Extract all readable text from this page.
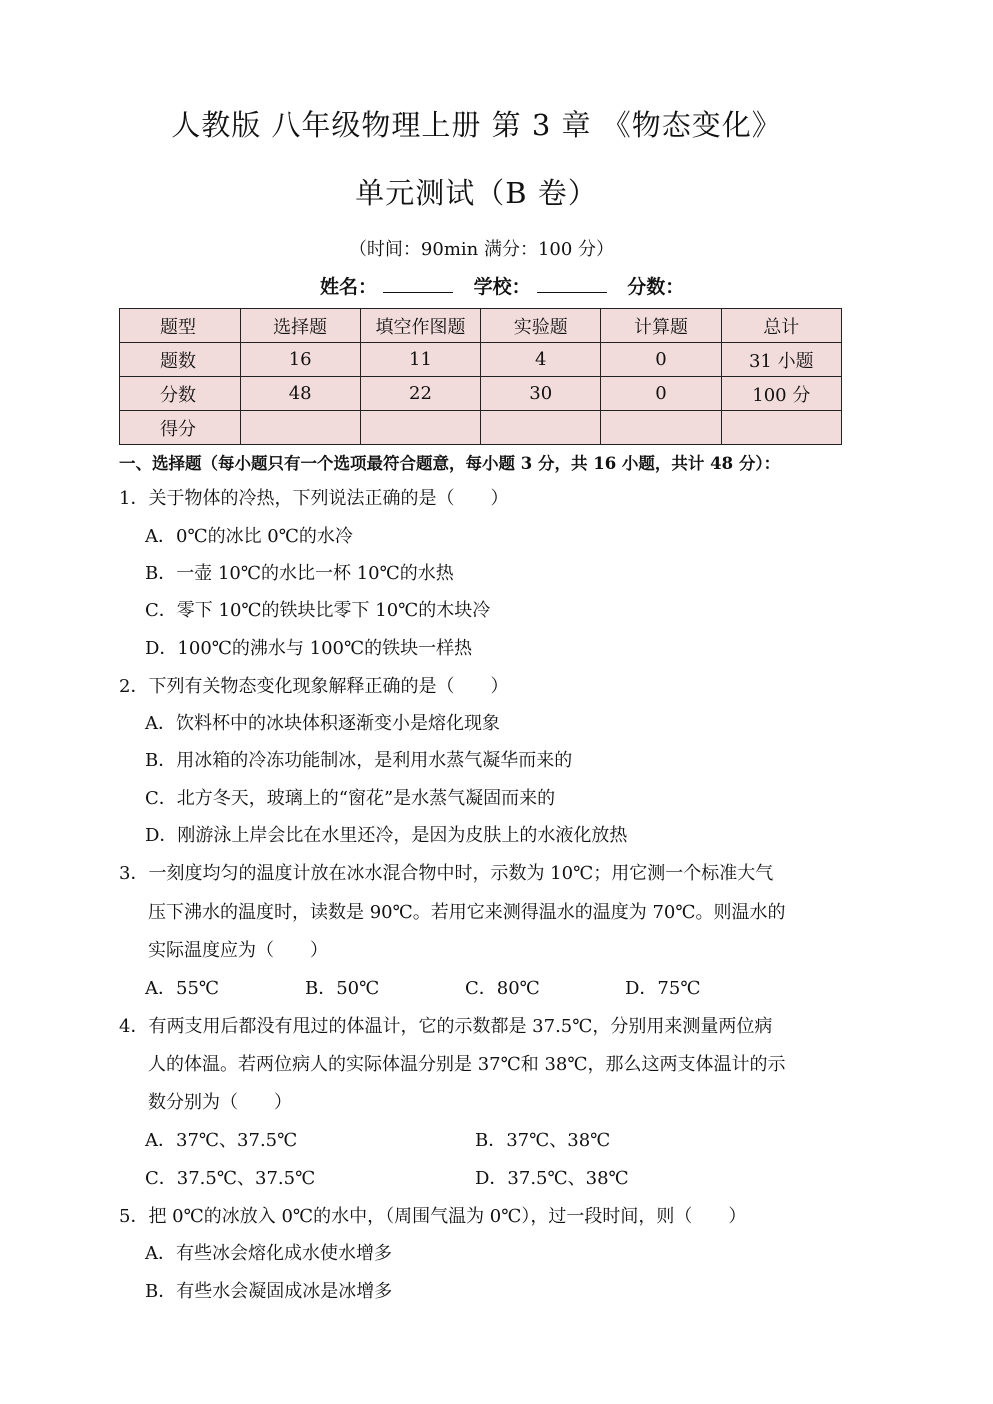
人教版 八年级物理上册 第 3 章 《物态变化》
单元测试（B 卷）
（时间：90min 满分：100 分）
姓名：	学校：	分数：
题型	选择题	填空作图题	实验题	计算题	总计
题数	16	11	4	0	31 小题
分数	48	22	30	0	100 分
得分					
一、选择题（每小题只有一个选项最符合题意，每小题 3 分，共 16 小题，共计 48 分）：
1．关于物体的冷热，下列说法正确的是（　　）
A．0℃的冰比 0℃的水冷
B．一壶 10℃的水比一杯 10℃的水热
C．零下 10℃的铁块比零下 10℃的木块冷
D．100℃的沸水与 100℃的铁块一样热
2．下列有关物态变化现象解释正确的是（　　）
A．饮料杯中的冰块体积逐渐变小是熔化现象
B．用冰箱的冷冻功能制冰，是利用水蒸气凝华而来的
C．北方冬天，玻璃上的“窗花”是水蒸气凝固而来的
D．刚游泳上岸会比在水里还冷，是因为皮肤上的水液化放热
3．一刻度均匀的温度计放在冰水混合物中时，示数为 10℃；用它测一个标准大气
压下沸水的温度时，读数是 90℃。若用它来测得温水的温度为 70℃。则温水的
实际温度应为（　　）
A．55℃	B．50℃	C．80℃	D．75℃
4．有两支用后都没有甩过的体温计，它的示数都是 37.5℃，分别用来测量两位病
人的体温。若两位病人的实际体温分别是 37℃和 38℃，那么这两支体温计的示
数分别为（　　）
A．37℃、37.5℃	B．37℃、38℃
C．37.5℃、37.5℃	D．37.5℃、38℃
5．把 0℃的冰放入 0℃的水中，（周围气温为 0℃），过一段时间，则（　　）
A．有些冰会熔化成水使水增多
B．有些水会凝固成冰是冰增多
